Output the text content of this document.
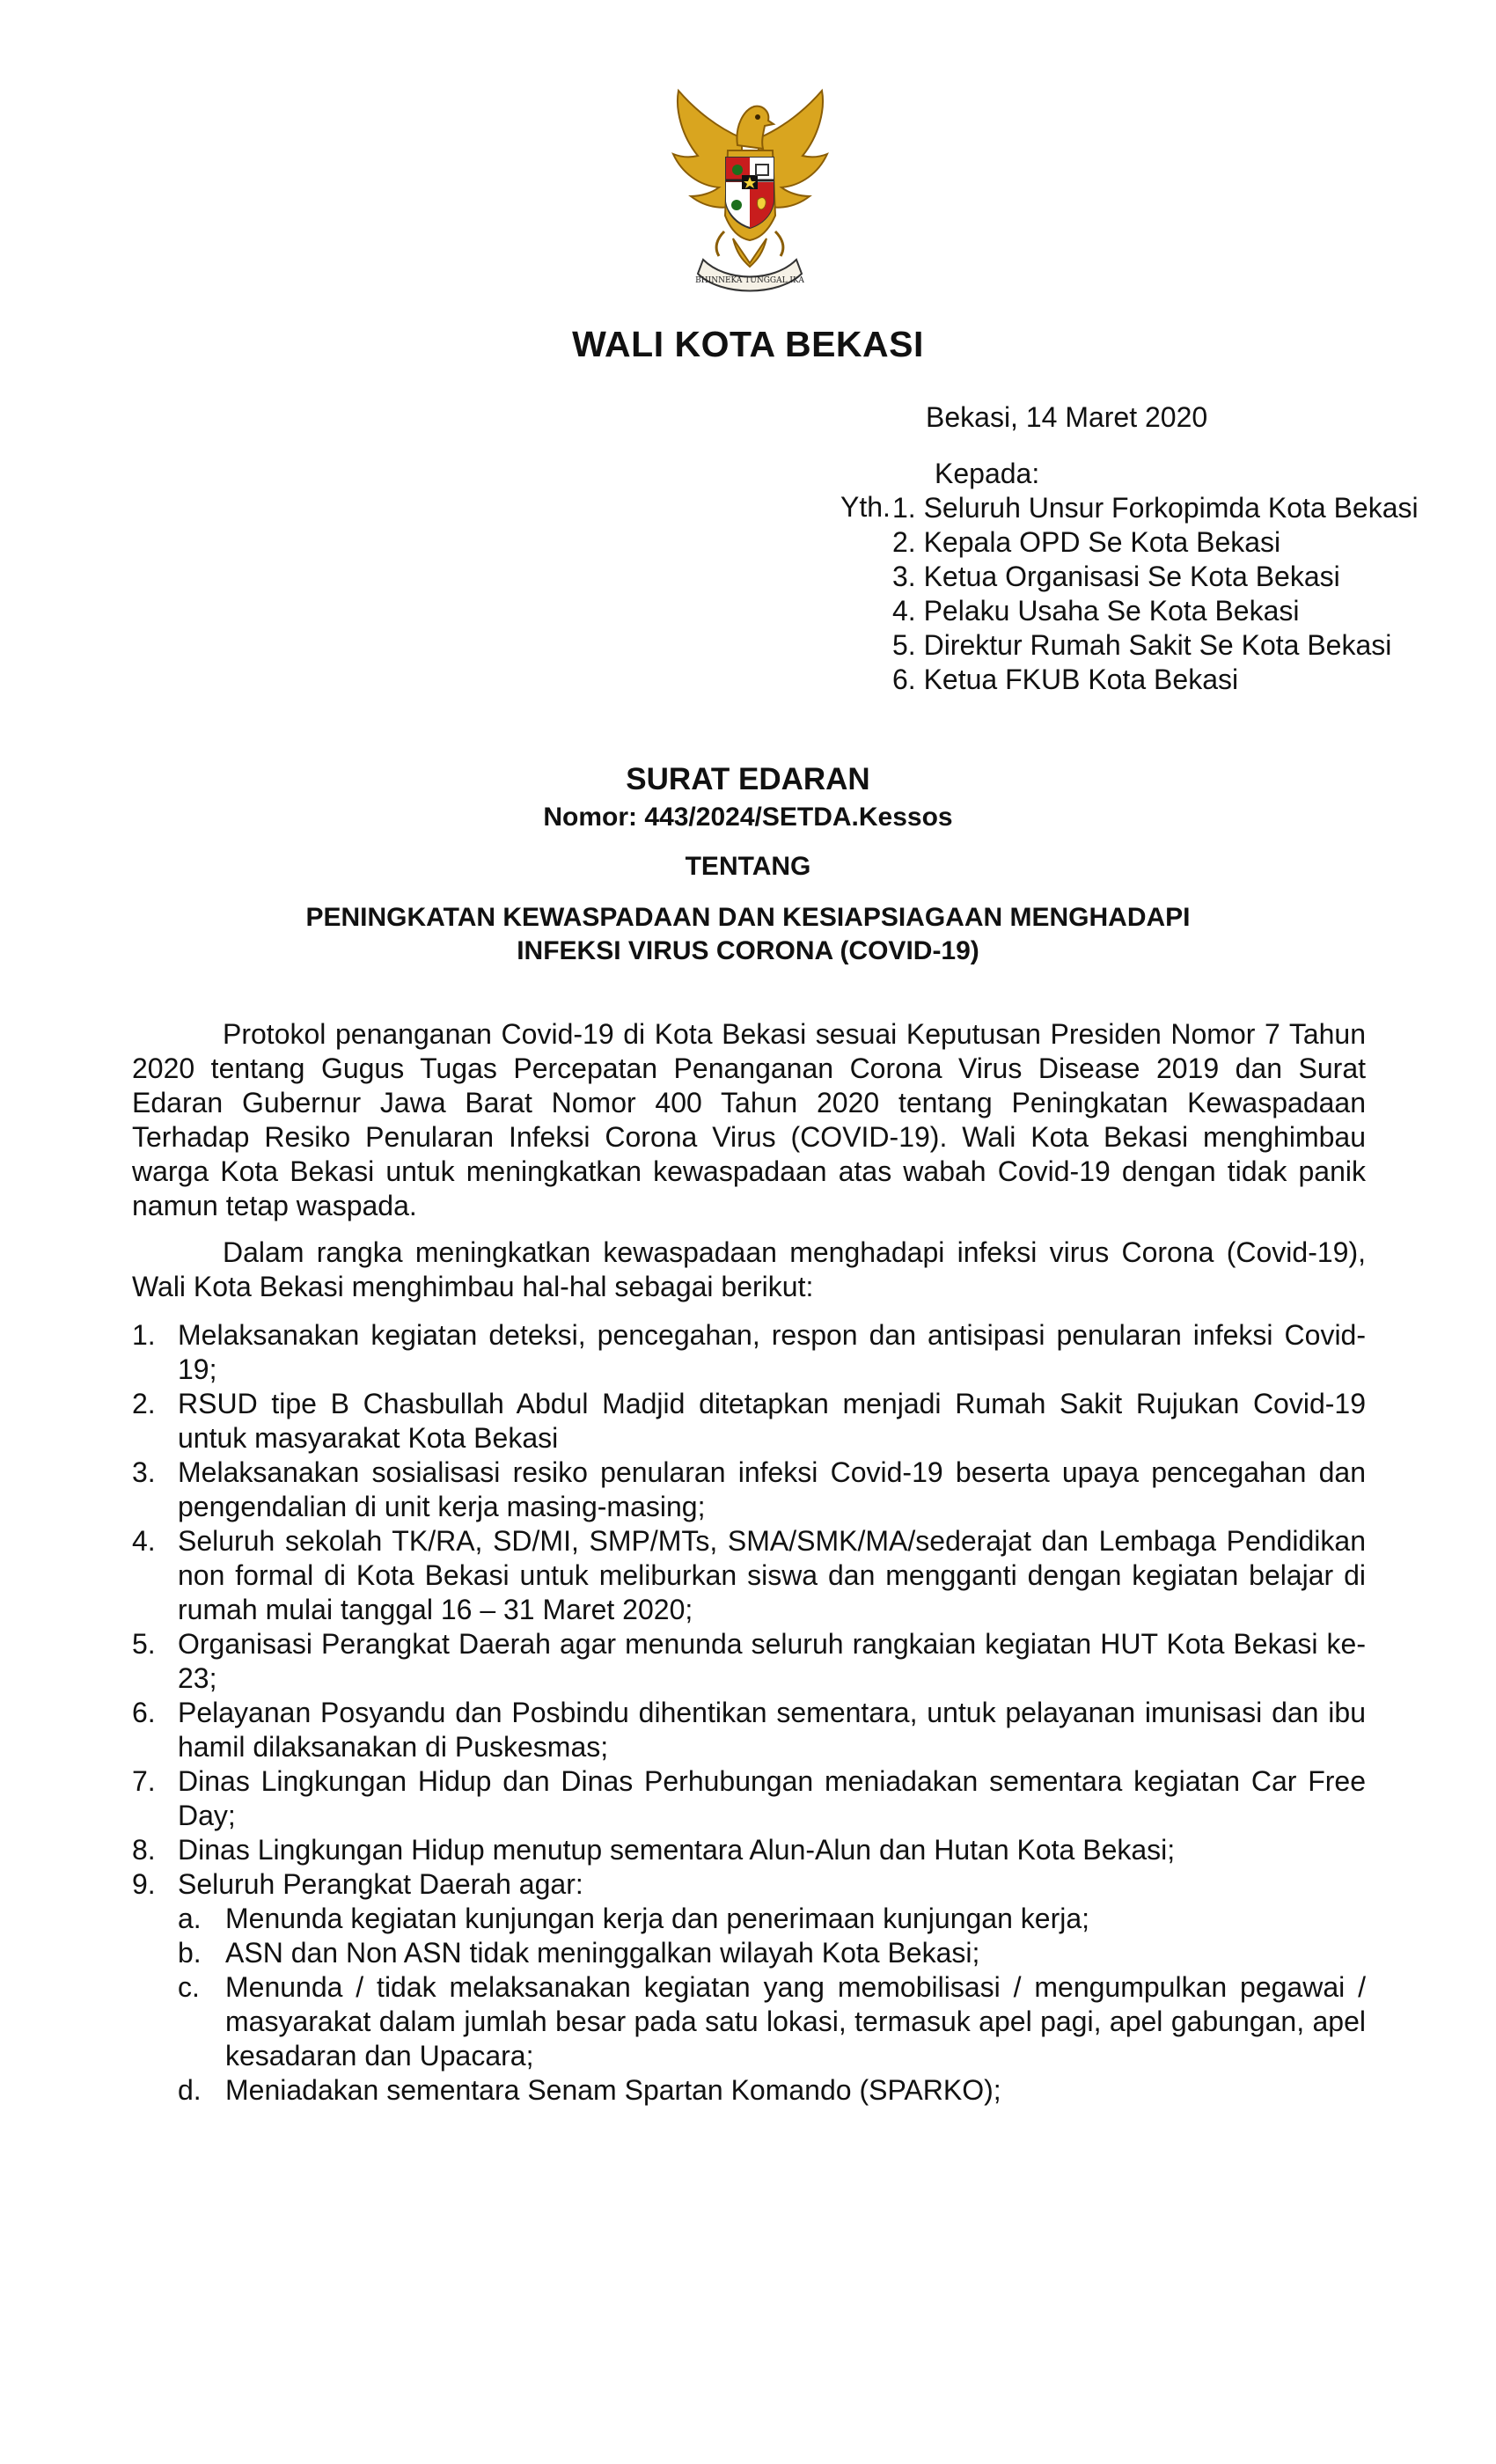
BHINNEKA TUNGGAL IKA
WALI KOTA BEKASI
Bekasi, 14 Maret 2020
Kepada:
Yth. 1. Seluruh Unsur Forkopimda Kota Bekasi
2. Kepala OPD Se Kota Bekasi
3. Ketua Organisasi Se Kota Bekasi
4. Pelaku Usaha Se Kota Bekasi
5. Direktur Rumah Sakit Se Kota Bekasi
6. Ketua FKUB Kota Bekasi
SURAT EDARAN
Nomor: 443/2024/SETDA.Kessos
TENTANG
PENINGKATAN KEWASPADAAN DAN KESIAPSIAGAAN MENGHADAPI
INFEKSI VIRUS CORONA (COVID-19)

Protokol penanganan Covid-19 di Kota Bekasi sesuai Keputusan Presiden Nomor 7 Tahun 2020 tentang Gugus Tugas Percepatan Penanganan Corona Virus Disease 2019 dan Surat Edaran Gubernur Jawa Barat Nomor 400 Tahun 2020 tentang Peningkatan Kewaspadaan Terhadap Resiko Penularan Infeksi Corona Virus (COVID-19). Wali Kota Bekasi menghimbau warga Kota Bekasi untuk meningkatkan kewaspadaan atas wabah Covid-19 dengan tidak panik namun tetap waspada.

Dalam rangka meningkatkan kewaspadaan menghadapi infeksi virus Corona (Covid-19), Wali Kota Bekasi menghimbau hal-hal sebagai berikut:

1. Melaksanakan kegiatan deteksi, pencegahan, respon dan antisipasi penularan infeksi Covid-19;
2. RSUD tipe B Chasbullah Abdul Madjid ditetapkan menjadi Rumah Sakit Rujukan Covid-19 untuk masyarakat Kota Bekasi
3. Melaksanakan sosialisasi resiko penularan infeksi Covid-19 beserta upaya pencegahan dan pengendalian di unit kerja masing-masing;
4. Seluruh sekolah TK/RA, SD/MI, SMP/MTs, SMA/SMK/MA/sederajat dan Lembaga Pendidikan non formal di Kota Bekasi untuk meliburkan siswa dan mengganti dengan kegiatan belajar di rumah mulai tanggal 16 – 31 Maret 2020;
5. Organisasi Perangkat Daerah agar menunda seluruh rangkaian kegiatan HUT Kota Bekasi ke-23;
6. Pelayanan Posyandu dan Posbindu dihentikan sementara, untuk pelayanan imunisasi dan ibu hamil dilaksanakan di Puskesmas;
7. Dinas Lingkungan Hidup dan Dinas Perhubungan meniadakan sementara kegiatan Car Free Day;
8. Dinas Lingkungan Hidup menutup sementara Alun-Alun dan Hutan Kota Bekasi;
9. Seluruh Perangkat Daerah agar:
a. Menunda kegiatan kunjungan kerja dan penerimaan kunjungan kerja;
b. ASN dan Non ASN tidak meninggalkan wilayah Kota Bekasi;
c. Menunda / tidak melaksanakan kegiatan yang memobilisasi / mengumpulkan pegawai / masyarakat dalam jumlah besar pada satu lokasi, termasuk apel pagi, apel gabungan, apel kesadaran dan Upacara;
d. Meniadakan sementara Senam Spartan Komando (SPARKO);
